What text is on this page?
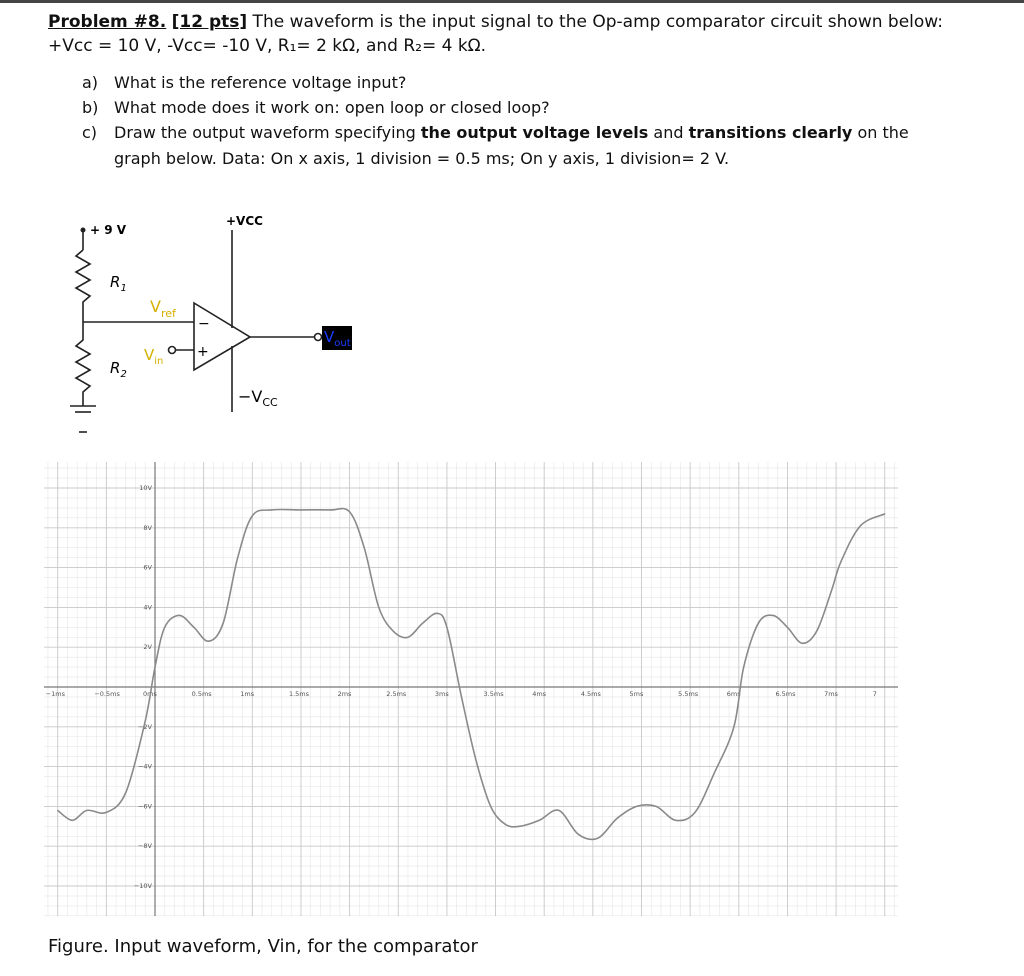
Problem #8. [12 pts] The waveform is the input signal to the Op-amp comparator circuit shown below:
+Vcc = 10 V, -Vcc= -10 V, R₁= 2 kΩ, and R₂= 4 kΩ.
a) What is the reference voltage input?
b) What mode does it work on: open loop or closed loop?
c) Draw the output waveform specifying the output voltage levels and transitions clearly on the
graph below. Data: On x axis, 1 division = 0.5 ms; On y axis, 1 division= 2 V.
+ 9 V
$R_1$
$R_2$
$V_{ref}$
$V_{in}$
−
+
+VCC
$-V_{CC}$
$V_{out}$
−1ms	−0.5ms	0ms	0.5ms	1ms	1.5ms	2ms	2.5ms	3ms	3.5ms	4ms	4.5ms	5ms	5.5ms	6ms	6.5ms	7ms	7
10V
8V
6V
4V
2V
−2V
−4V
−6V
−8V
−10V
Figure. Input waveform, Vin, for the comparator
